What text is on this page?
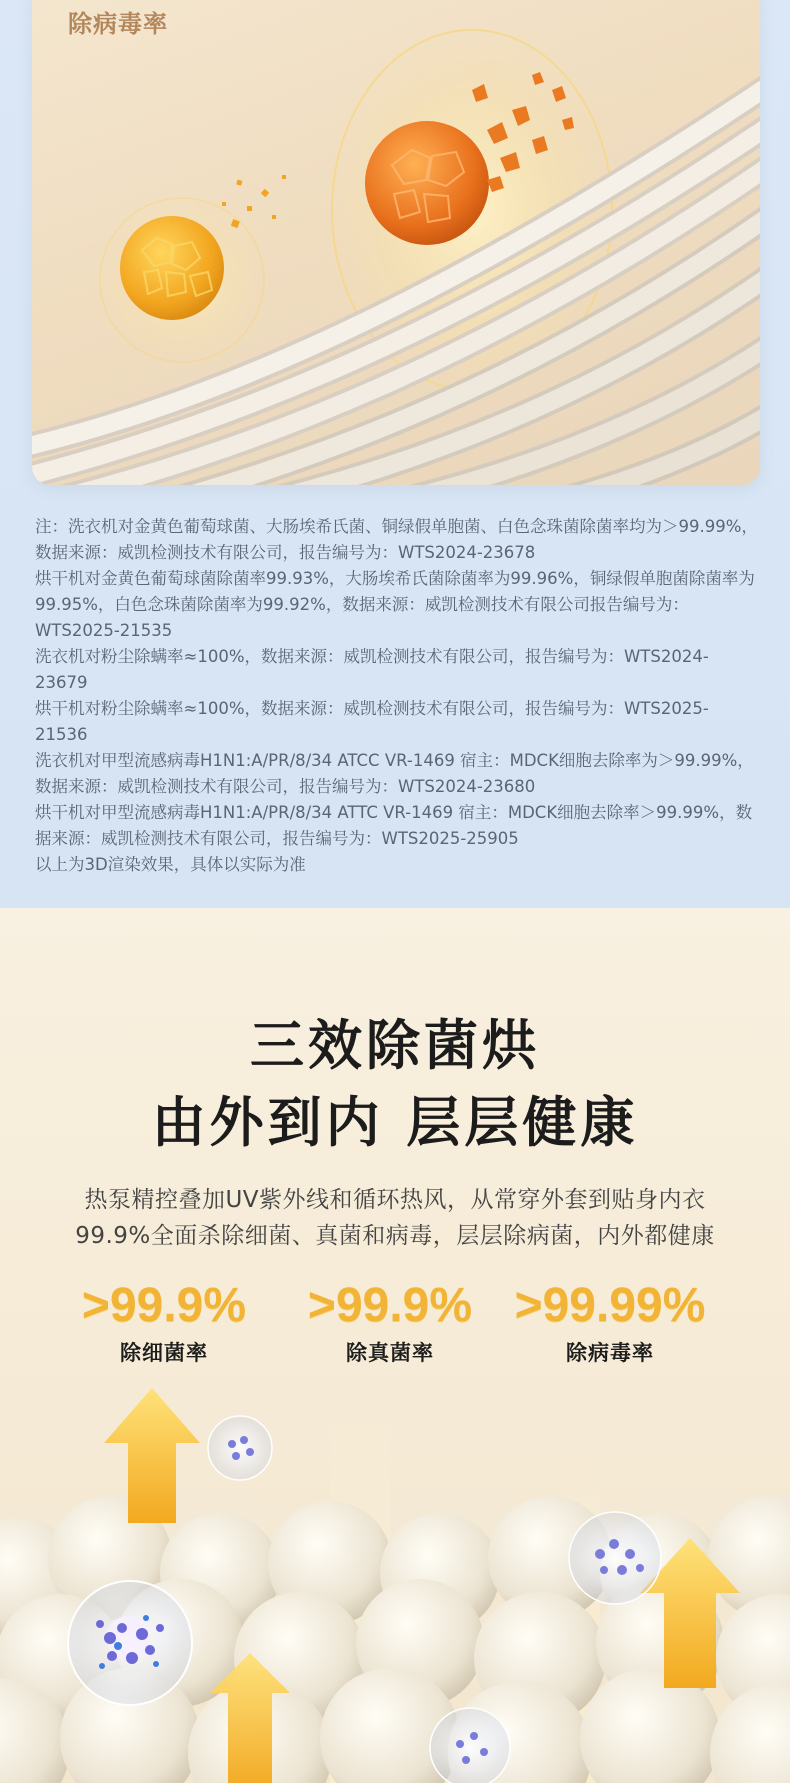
除病毒率

注：洗衣机对金黄色葡萄球菌、大肠埃希氏菌、铜绿假单胞菌、白色念珠菌除菌率均为＞99.99%，数据来源：威凯检测技术有限公司，报告编号为：WTS2024-23678

烘干机对金黄色葡萄球菌除菌率99.93%，大肠埃希氏菌除菌率为99.96%，铜绿假单胞菌除菌率为99.95%，白色念珠菌除菌率为99.92%，数据来源：威凯检测技术有限公司报告编号为：WTS2025-21535

洗衣机对粉尘除螨率≈100%，数据来源：威凯检测技术有限公司，报告编号为：WTS2024-23679

烘干机对粉尘除螨率≈100%，数据来源：威凯检测技术有限公司，报告编号为：WTS2025-21536

洗衣机对甲型流感病毒H1N1:A/PR/8/34 ATCC VR-1469 宿主：MDCK细胞去除率为＞99.99%，数据来源：威凯检测技术有限公司，报告编号为：WTS2024-23680

烘干机对甲型流感病毒H1N1:A/PR/8/34 ATTC VR-1469 宿主：MDCK细胞去除率＞99.99%，数据来源：威凯检测技术有限公司，报告编号为：WTS2025-25905

以上为3D渲染效果，具体以实际为准

三效除菌烘
由外到内 层层健康
热泵精控叠加UV紫外线和循环热风，从常穿外套到贴身内衣
99.9%全面杀除细菌、真菌和病毒，层层除病菌，内外都健康
>99.9%
除细菌率
>99.9%
除真菌率
>99.99%
除病毒率
